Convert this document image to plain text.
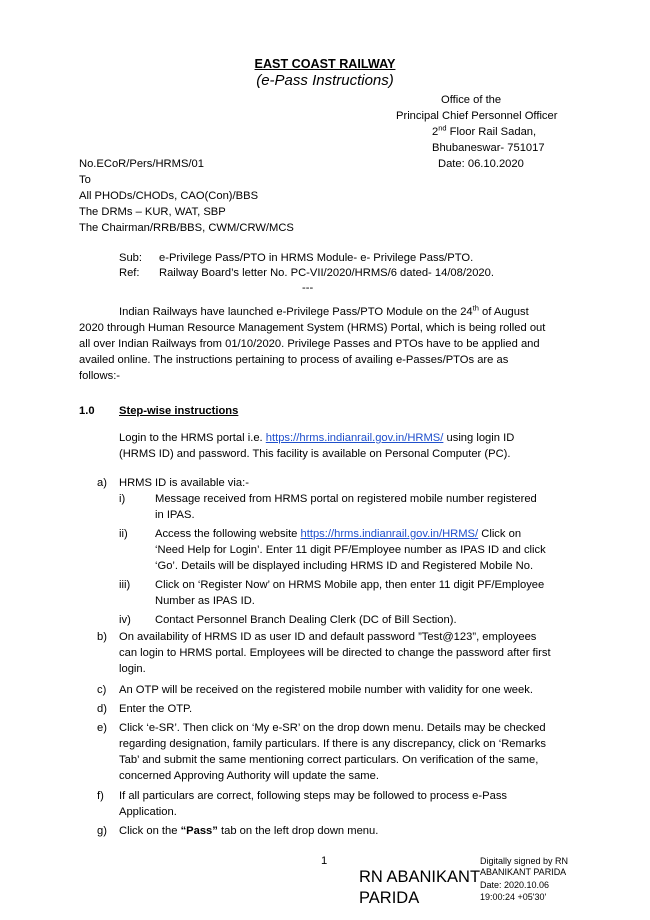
EAST COAST RAILWAY
(e-Pass Instructions)
Office of the
Principal Chief Personnel Officer
2nd Floor Rail Sadan,
Bhubaneswar- 751017
Date: 06.10.2020
No.ECoR/Pers/HRMS/01
To
All PHODs/CHODs, CAO(Con)/BBS
The DRMs – KUR, WAT, SBP
The Chairman/RRB/BBS, CWM/CRW/MCS
Sub: e-Privilege Pass/PTO in HRMS Module- e- Privilege Pass/PTO.
Ref: Railway Board’s letter No. PC-VII/2020/HRMS/6 dated- 14/08/2020.
---
Indian Railways have launched e-Privilege Pass/PTO Module on the 24th of August
2020 through Human Resource Management System (HRMS) Portal, which is being rolled out
all over Indian Railways from 01/10/2020. Privilege Passes and PTOs have to be applied and
availed online. The instructions pertaining to process of availing e-Passes/PTOs are as
follows:-
1.0 Step-wise instructions
Login to the HRMS portal i.e. https://hrms.indianrail.gov.in/HRMS/ using login ID
(HRMS ID) and password. This facility is available on Personal Computer (PC).
a) HRMS ID is available via:-
i)	Message received from HRMS portal on registered mobile number registered
in IPAS.
ii) Access the following website https://hrms.indianrail.gov.in/HRMS/ Click on
‘Need Help for Login’. Enter 11 digit PF/Employee number as IPAS ID and click
‘Go’. Details will be displayed including HRMS ID and Registered Mobile No.
iii) Click on ‘Register Now’ on HRMS Mobile app, then enter 11 digit PF/Employee
Number as IPAS ID.
iv) Contact Personnel Branch Dealing Clerk (DC of Bill Section).
b) On availability of HRMS ID as user ID and default password ”Test@123”, employees
can login to HRMS portal. Employees will be directed to change the password after first
login.
c) An OTP will be received on the registered mobile number with validity for one week.
d) Enter the OTP.
e) Click ‘e-SR’. Then click on ‘My e-SR’ on the drop down menu. Details may be checked
regarding designation, family particulars. If there is any discrepancy, click on ‘Remarks
Tab’ and submit the same mentioning correct particulars. On verification of the same,
concerned Approving Authority will update the same.
f) If all particulars are correct, following steps may be followed to process e-Pass
Application.
g) Click on the “Pass” tab on the left drop down menu.
1
RN ABANIKANT
PARIDA
Digitally signed by RN
ABANIKANT PARIDA
Date: 2020.10.06
19:00:24 +05'30'
